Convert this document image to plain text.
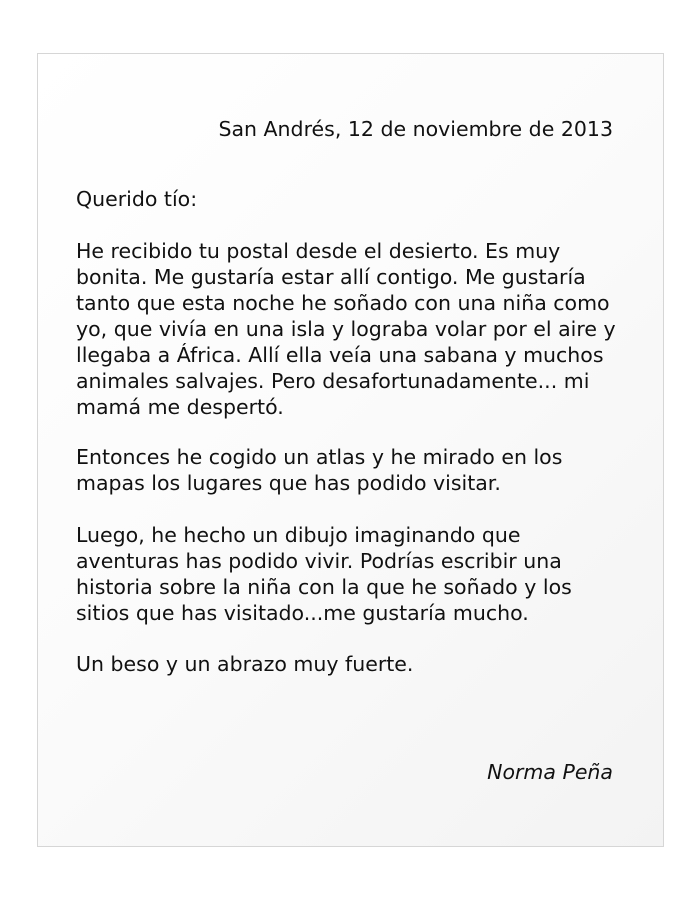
San Andrés, 12 de noviembre de 2013
Querido tío:

He recibido tu postal desde el desierto. Es muy bonita. Me gustaría estar allí contigo. Me gustaría tanto que esta noche he soñado con una niña como yo, que vivía en una isla y lograba volar por el aire y llegaba a África. Allí ella veía una sabana y muchos animales salvajes. Pero desafortunadamente... mi mamá me despertó.

Entonces he cogido un atlas y he mirado en los mapas los lugares que has podido visitar.

Luego, he hecho un dibujo imaginando que aventuras has podido vivir. Podrías escribir una historia sobre la niña con la que he soñado y los sitios que has visitado...me gustaría mucho.

Un beso y un abrazo muy fuerte.

Norma Peña
